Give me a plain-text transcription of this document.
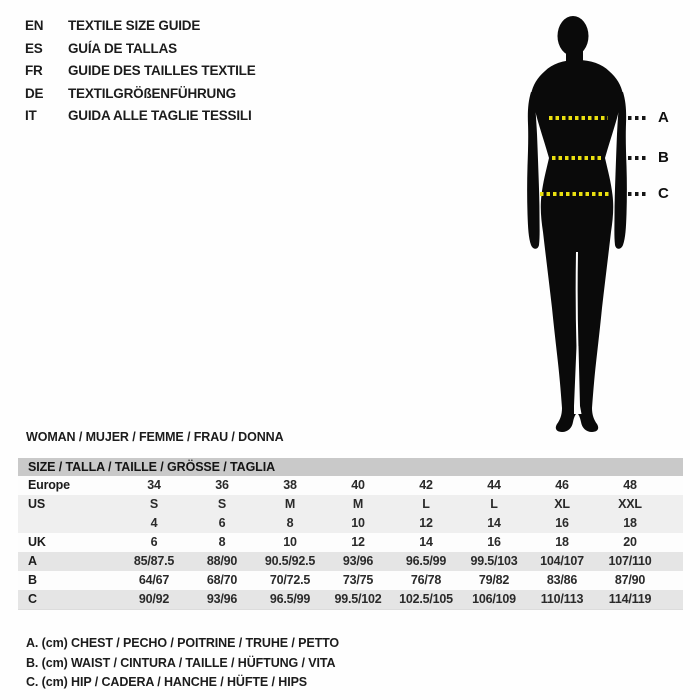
EN TEXTILE SIZE GUIDE
ES GUÍA DE TALLAS
FR GUIDE DES TAILLES TEXTILE
DE TEXTILGRÖßENFÜHRUNG
IT GUIDA ALLE TAGLIE TESSILI	A
B
C
WOMAN / MUJER / FEMME / FRAU / DONNA
SIZE / TALLA / TAILLE / GRÖSSE / TAGLIA									
Europe	34	36	38	40	42	44	46	48	
US	S	S	M	M	L	L	XL	XXL	
	4	6	8	10	12	14	16	18	
UK	6	8	10	12	14	16	18	20	
A	85/87.5	88/90	90.5/92.5	93/96	96.5/99	99.5/103	104/107	107/110	
B	64/67	68/70	70/72.5	73/75	76/78	79/82	83/86	87/90	
C	90/92	93/96	96.5/99	99.5/102	102.5/105	106/109	110/113	114/119	
A. (cm) CHEST / PECHO / POITRINE / TRUHE / PETTO
B. (cm) WAIST / CINTURA / TAILLE / HÜFTUNG / VITA
C. (cm) HIP / CADERA / HANCHE / HÜFTE / HIPS
